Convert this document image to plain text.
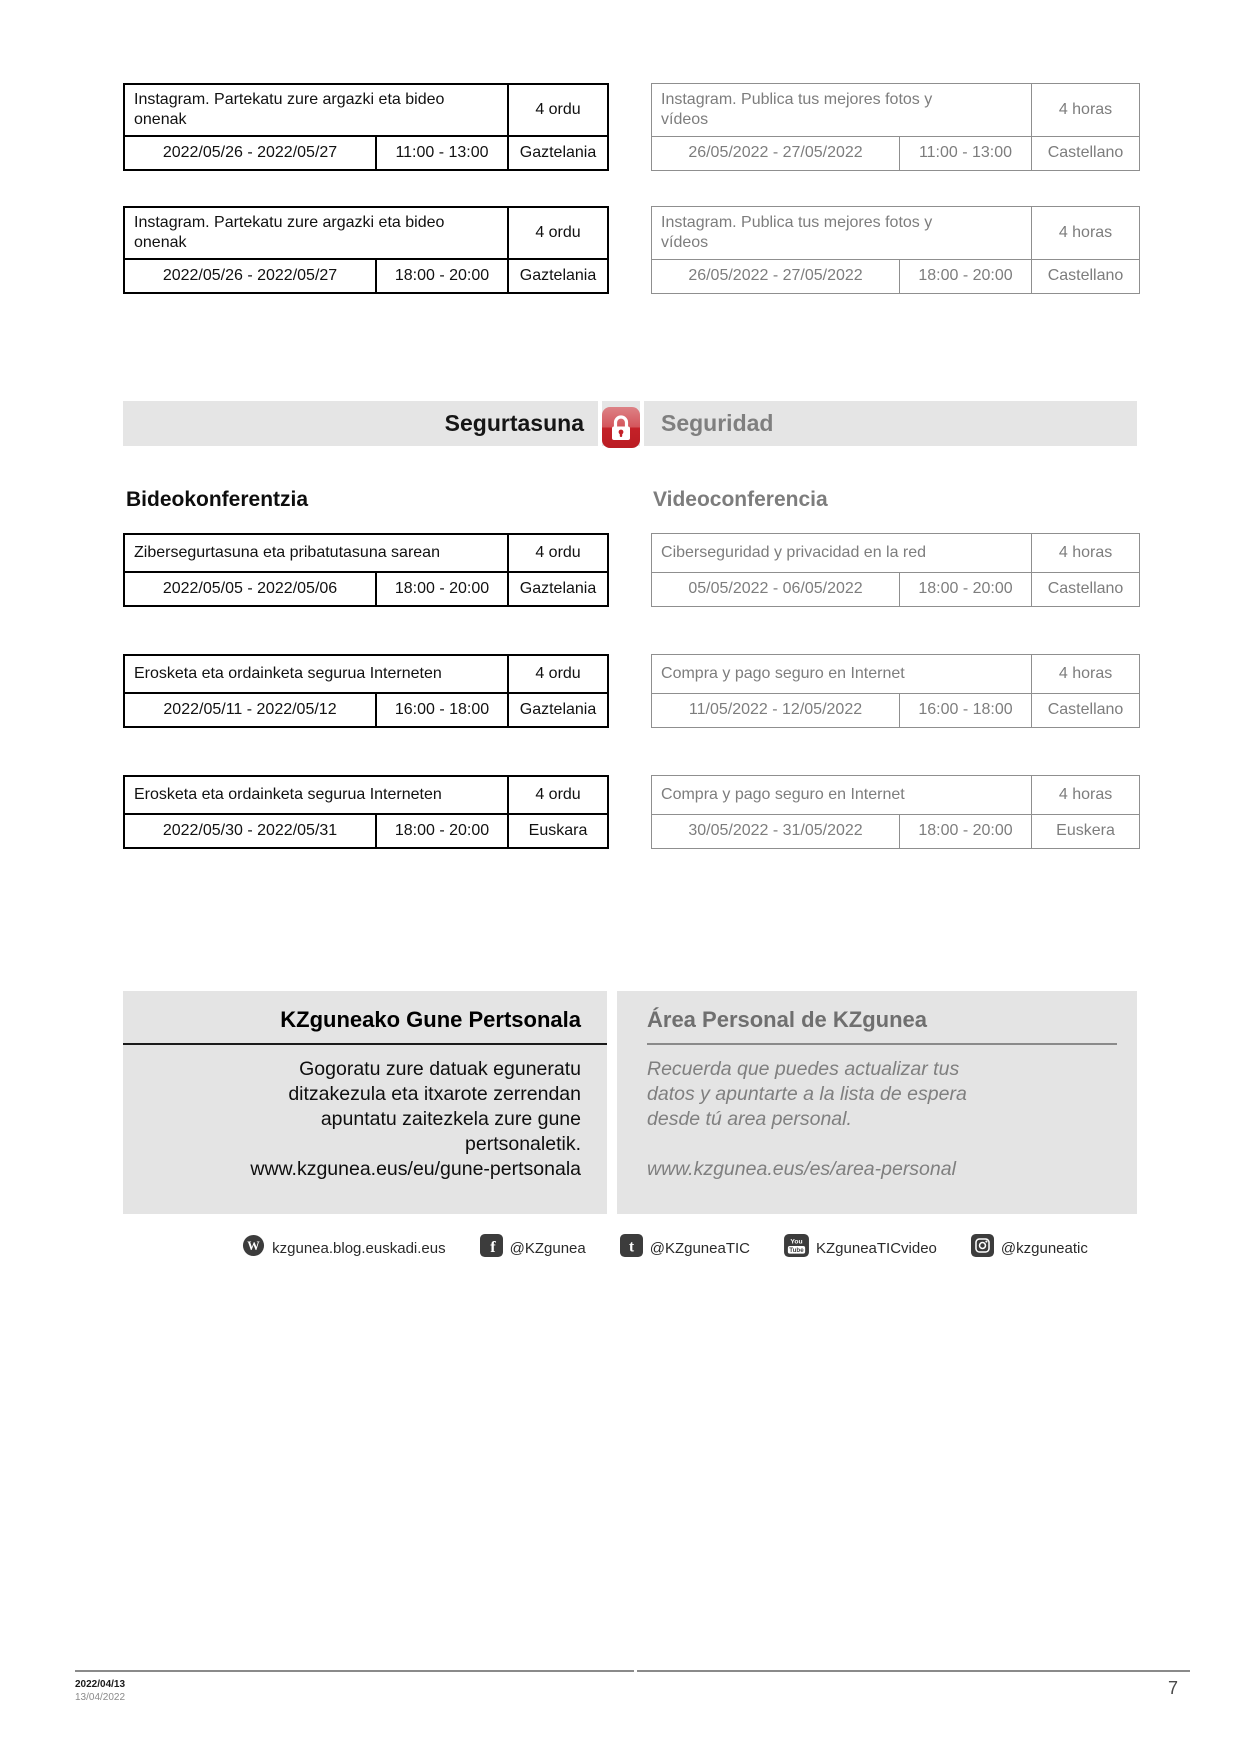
Instagram. Partekatu zure argazki eta bideo onenak		4 ordu
2022/05/26 - 2022/05/27	11:00 - 13:00	Gaztelania
Instagram. Publica tus mejores fotos y vídeos		4 horas
26/05/2022 - 27/05/2022	11:00 - 13:00	Castellano
Instagram. Partekatu zure argazki eta bideo onenak		4 ordu
2022/05/26 - 2022/05/27	18:00 - 20:00	Gaztelania
Instagram. Publica tus mejores fotos y vídeos		4 horas
26/05/2022 - 27/05/2022	18:00 - 20:00	Castellano
Segurtasuna	Seguridad
Bideokonferentzia	Videoconferencia
Zibersegurtasuna eta pribatutasuna sarean		4 ordu
2022/05/05 - 2022/05/06	18:00 - 20:00	Gaztelania
Ciberseguridad y privacidad en la red		4 horas
05/05/2022 - 06/05/2022	18:00 - 20:00	Castellano
Erosketa eta ordainketa segurua Interneten		4 ordu
2022/05/11 - 2022/05/12	16:00 - 18:00	Gaztelania
Compra y pago seguro en Internet		4 horas
11/05/2022 - 12/05/2022	16:00 - 18:00	Castellano
Erosketa eta ordainketa segurua Interneten		4 ordu
2022/05/30 - 2022/05/31	18:00 - 20:00	Euskara
Compra y pago seguro en Internet		4 horas
30/05/2022 - 31/05/2022	18:00 - 20:00	Euskera
KZguneako Gune Pertsonala
Gogoratu zure datuak eguneratu
ditzakezula eta itxarote zerrendan
apuntatu zaitezkela zure gune
pertsonaletik.
www.kzgunea.eus/eu/gune-pertsonala
Área Personal de KZgunea
Recuerda que puedes actualizar tus
datos y apuntarte a la lista de espera
desde tú area personal.
www.kzgunea.eus/es/area-personal
W kzgunea.blog.euskadi.eus	f @KZgunea	t @KZguneaTIC	You
Tube KZguneaTICvideo	@kzguneatic
2022/04/13
13/04/2022	7
